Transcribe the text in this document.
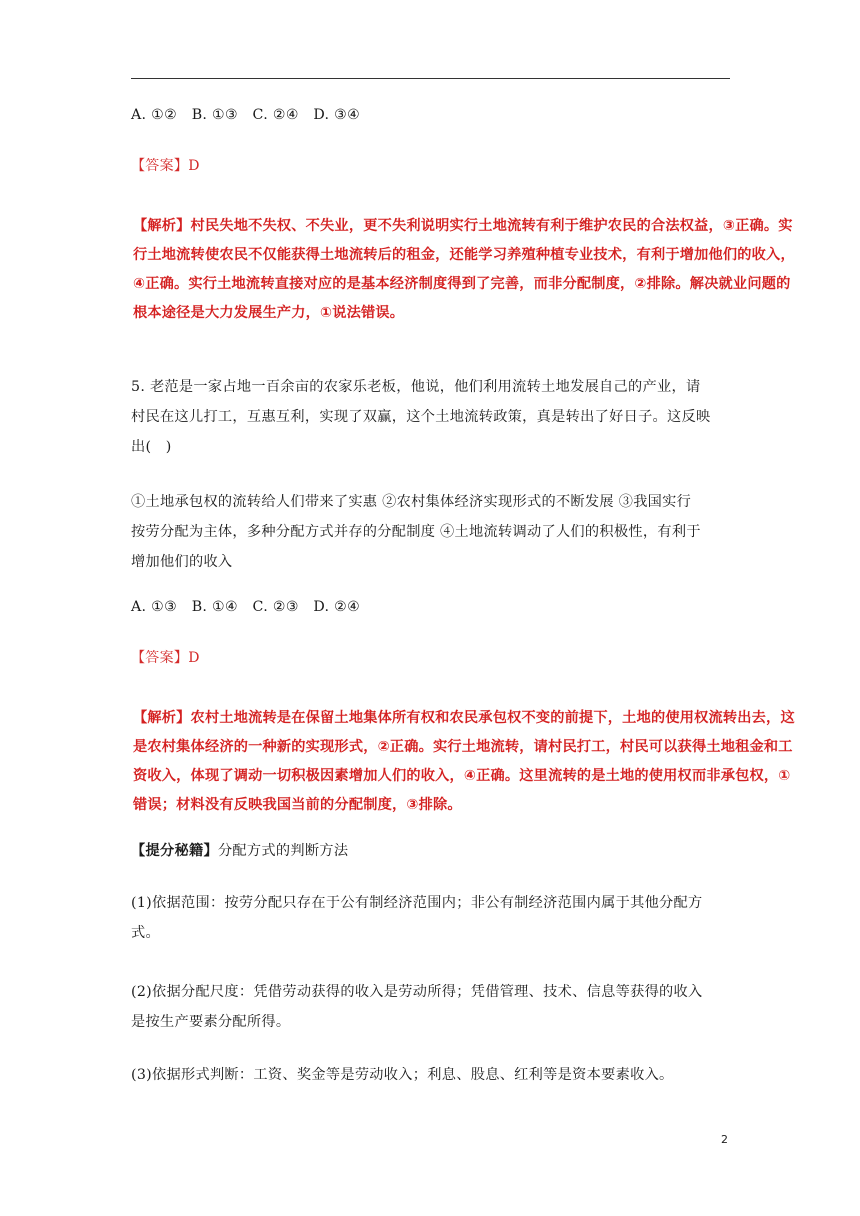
A. ①②　B. ①③　C. ②④　D. ③④

【答案】D

【解析】村民失地不失权、不失业，更不失利说明实行土地流转有利于维护农民的合法权益，③正确。实
行土地流转使农民不仅能获得土地流转后的租金，还能学习养殖种植专业技术，有利于增加他们的收入，
④正确。实行土地流转直接对应的是基本经济制度得到了完善，而非分配制度，②排除。解决就业问题的
根本途径是大力发展生产力，①说法错误。
5. 老范是一家占地一百余亩的农家乐老板，他说，他们利用流转土地发展自己的产业，请
村民在这儿打工，互惠互利，实现了双赢，这个土地流转政策，真是转出了好日子。这反映
出(　)
①土地承包权的流转给人们带来了实惠 ②农村集体经济实现形式的不断发展 ③我国实行
按劳分配为主体，多种分配方式并存的分配制度 ④土地流转调动了人们的积极性，有利于
增加他们的收入

A. ①③　B. ①④　C. ②③　D. ②④

【答案】D

【解析】农村土地流转是在保留土地集体所有权和农民承包权不变的前提下，土地的使用权流转出去，这
是农村集体经济的一种新的实现形式，②正确。实行土地流转，请村民打工，村民可以获得土地租金和工
资收入，体现了调动一切积极因素增加人们的收入，④正确。这里流转的是土地的使用权而非承包权，①
错误；材料没有反映我国当前的分配制度，③排除。

【提分秘籍】分配方式的判断方法

(1)依据范围：按劳分配只存在于公有制经济范围内；非公有制经济范围内属于其他分配方
式。
(2)依据分配尺度：凭借劳动获得的收入是劳动所得；凭借管理、技术、信息等获得的收入
是按生产要素分配所得。

(3)依据形式判断：工资、奖金等是劳动收入；利息、股息、红利等是资本要素收入。

2
